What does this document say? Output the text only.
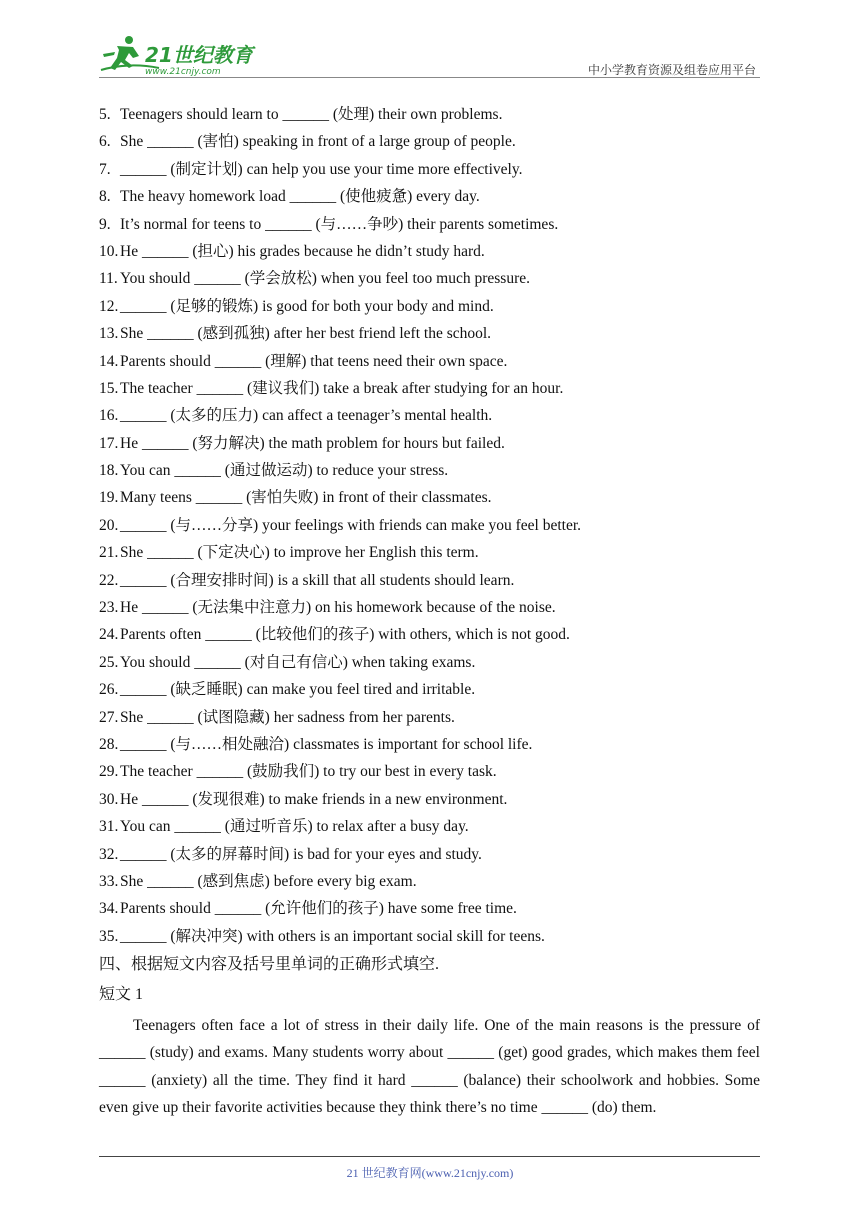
21世纪教育
www.21cnjy.com	中小学教育资源及组卷应用平台
5. Teenagers should learn to ______ (处理) their own problems.
6. She ______ (害怕) speaking in front of a large group of people.
7. ______ (制定计划) can help you use your time more effectively.
8. The heavy homework load ______ (使他疲惫) every day.
9. It’s normal for teens to ______ (与……争吵) their parents sometimes.
10. He ______ (担心) his grades because he didn’t study hard.
11. You should ______ (学会放松) when you feel too much pressure.
12. ______ (足够的锻炼) is good for both your body and mind.
13. She ______ (感到孤独) after her best friend left the school.
14. Parents should ______ (理解) that teens need their own space.
15. The teacher ______ (建议我们) take a break after studying for an hour.
16. ______ (太多的压力) can affect a teenager’s mental health.
17. He ______ (努力解决) the math problem for hours but failed.
18. You can ______ (通过做运动) to reduce your stress.
19. Many teens ______ (害怕失败) in front of their classmates.
20. ______ (与……分享) your feelings with friends can make you feel better.
21. She ______ (下定决心) to improve her English this term.
22. ______ (合理安排时间) is a skill that all students should learn.
23. He ______ (无法集中注意力) on his homework because of the noise.
24. Parents often ______ (比较他们的孩子) with others, which is not good.
25. You should ______ (对自己有信心) when taking exams.
26. ______ (缺乏睡眠) can make you feel tired and irritable.
27. She ______ (试图隐藏) her sadness from her parents.
28. ______ (与……相处融洽) classmates is important for school life.
29. The teacher ______ (鼓励我们) to try our best in every task.
30. He ______ (发现很难) to make friends in a new environment.
31. You can ______ (通过听音乐) to relax after a busy day.
32. ______ (太多的屏幕时间) is bad for your eyes and study.
33. She ______ (感到焦虑) before every big exam.
34. Parents should ______ (允许他们的孩子) have some free time.
35. ______ (解决冲突) with others is an important social skill for teens.
四、根据短文内容及括号里单词的正确形式填空.
短文 1
Teenagers often face a lot of stress in their daily life. One of the main reasons is the pressure of ______ (study) and exams. Many students worry about ______ (get) good grades, which makes them feel ______ (anxiety) all the time. They find it hard ______ (balance) their schoolwork and hobbies. Some even give up their favorite activities because they think there’s no time ______ (do) them.
21 世纪教育网(www.21cnjy.com)
